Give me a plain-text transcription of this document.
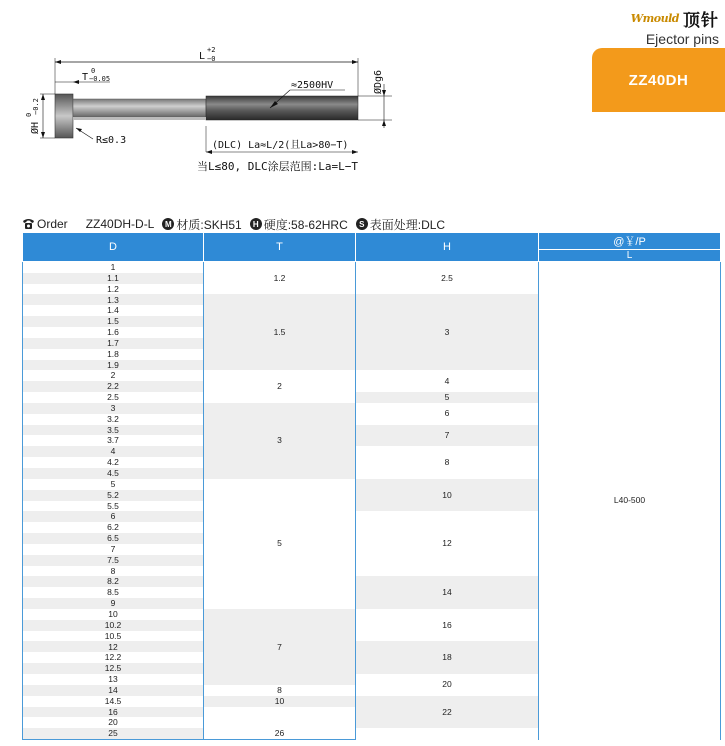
Wmould 顶针
Ejector pins
ZZ40DH
L
+2
−0
T
0
−0.05
ØH
0 −0.2
ØDg6
≈2500HV
R≤0.3	(DLC) La≈L/2(且La>80−T)
当L≤80, DLC涂层范围:La=L−T
Order ZZ40DH-D-L	M 材质:SKH51	H 硬度:58-62HRC	S 表面处理:DLC
D	T	H	@￥/P
			L
1	1.2	2.5	L40-500
1.1			
1.2			
1.3	1.5	3	
1.4			
1.5			
1.6			
1.7			
1.8			
1.9			
2	2	4	
2.2			
2.5		5	
3	3	6	
3.2			
3.5		7	
3.7			
4		8	
4.2			
4.5			
5	5	10	
5.2			
5.5			
6		12	
6.2			
6.5			
7			
7.5			
8			
8.2		14	
8.5			
9			
10	7	16	
10.2			
10.5			
12		18	
12.2			
12.5			
13		20	
14	8		
14.5	10	22	
16			
20			
25	26		
